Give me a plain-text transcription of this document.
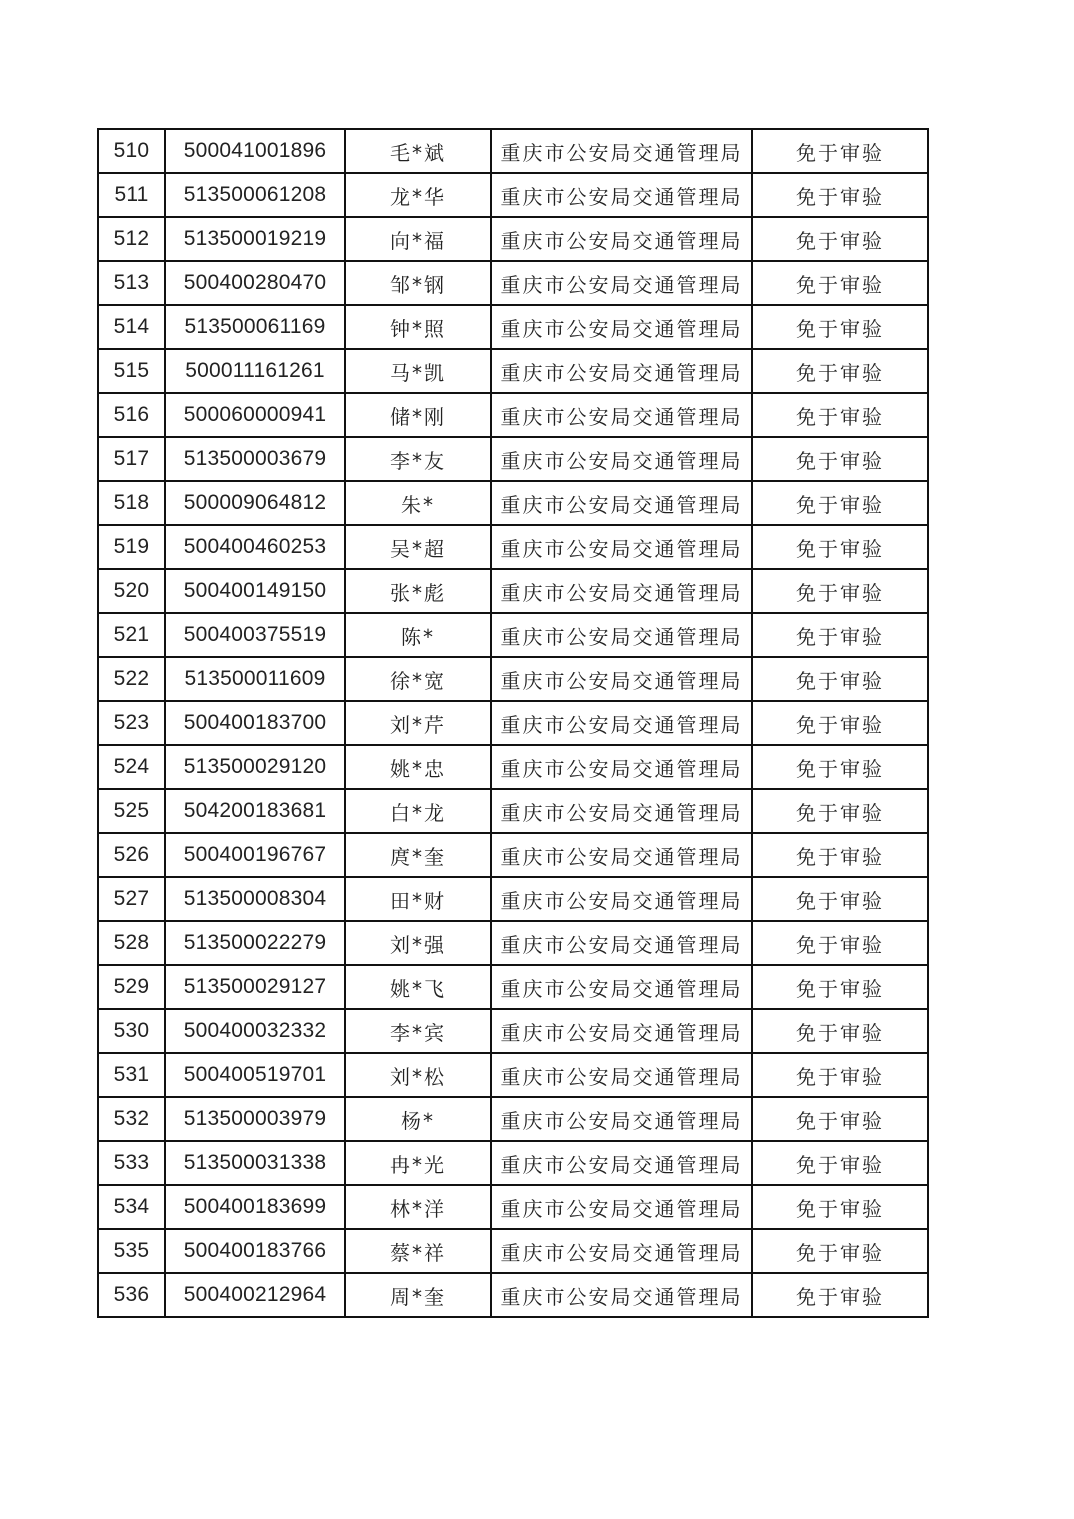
510	500041001896	毛*斌	重庆市公安局交通管理局	免于审验
511	513500061208	龙*华	重庆市公安局交通管理局	免于审验
512	513500019219	向*福	重庆市公安局交通管理局	免于审验
513	500400280470	邹*钢	重庆市公安局交通管理局	免于审验
514	513500061169	钟*照	重庆市公安局交通管理局	免于审验
515	500011161261	马*凯	重庆市公安局交通管理局	免于审验
516	500060000941	储*刚	重庆市公安局交通管理局	免于审验
517	513500003679	李*友	重庆市公安局交通管理局	免于审验
518	500009064812	朱*	重庆市公安局交通管理局	免于审验
519	500400460253	吴*超	重庆市公安局交通管理局	免于审验
520	500400149150	张*彪	重庆市公安局交通管理局	免于审验
521	500400375519	陈*	重庆市公安局交通管理局	免于审验
522	513500011609	徐*宽	重庆市公安局交通管理局	免于审验
523	500400183700	刘*芹	重庆市公安局交通管理局	免于审验
524	513500029120	姚*忠	重庆市公安局交通管理局	免于审验
525	504200183681	白*龙	重庆市公安局交通管理局	免于审验
526	500400196767	庹*奎	重庆市公安局交通管理局	免于审验
527	513500008304	田*财	重庆市公安局交通管理局	免于审验
528	513500022279	刘*强	重庆市公安局交通管理局	免于审验
529	513500029127	姚*飞	重庆市公安局交通管理局	免于审验
530	500400032332	李*宾	重庆市公安局交通管理局	免于审验
531	500400519701	刘*松	重庆市公安局交通管理局	免于审验
532	513500003979	杨*	重庆市公安局交通管理局	免于审验
533	513500031338	冉*光	重庆市公安局交通管理局	免于审验
534	500400183699	林*洋	重庆市公安局交通管理局	免于审验
535	500400183766	蔡*祥	重庆市公安局交通管理局	免于审验
536	500400212964	周*奎	重庆市公安局交通管理局	免于审验
